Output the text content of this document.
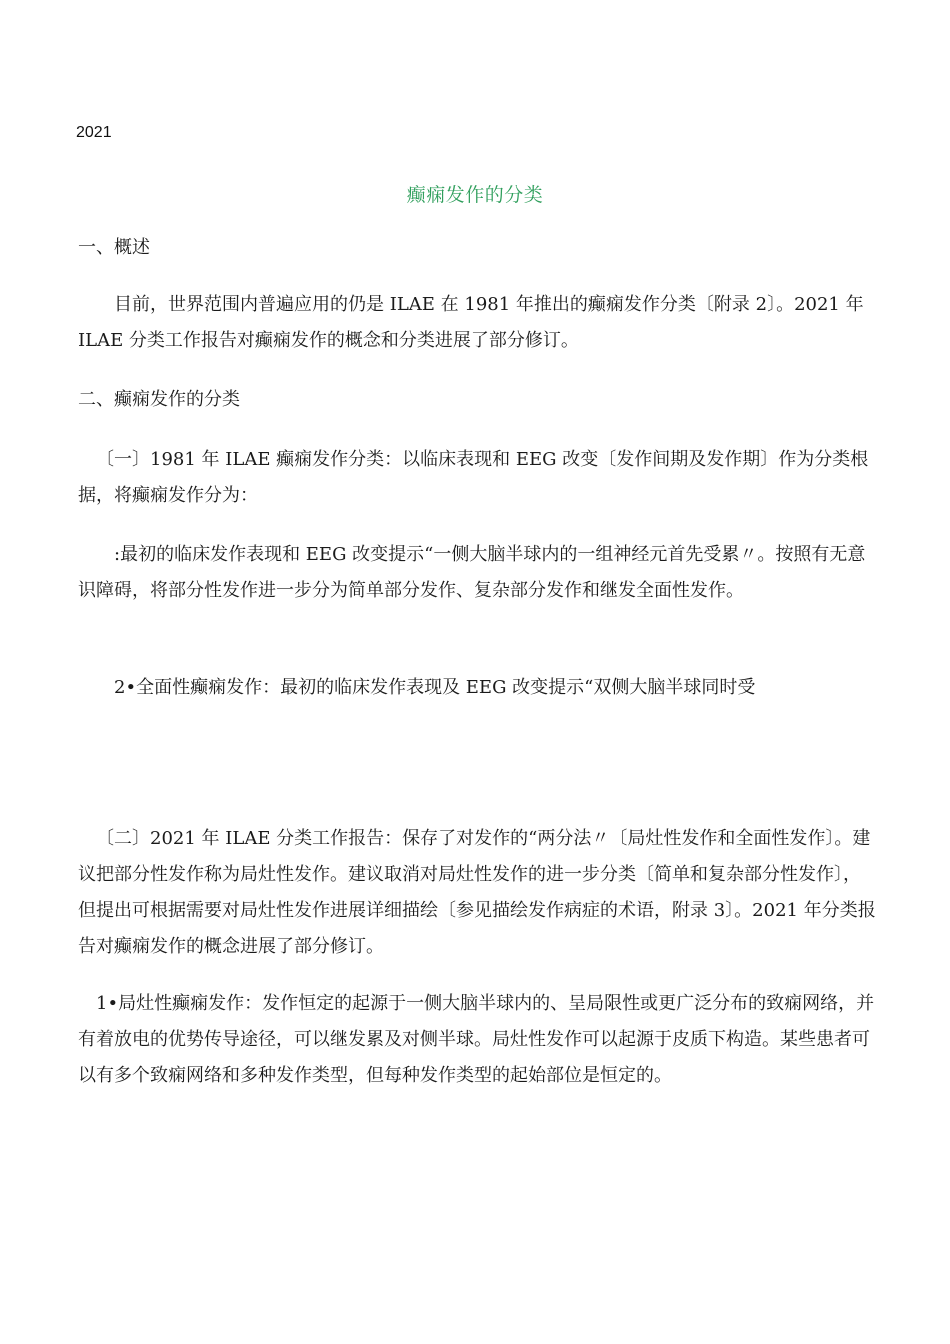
2021
癫痫发作的分类

一、概述

目前，世界范围内普遍应用的仍是 ILAE 在 1981 年推出的癫痫发作分类〔附录 2〕。2021 年 ILAE 分类工作报告对癫痫发作的概念和分类进展了部分修订。

二、癫痫发作的分类

〔一〕1981 年 ILAE 癫痫发作分类：以临床表现和 EEG 改变〔发作间期及发作期〕作为分类根据，将癫痫发作分为：

:最初的临床发作表现和 EEG 改变提示“一侧大脑半球内的一组神经元首先受累〃。按照有无意识障碍，将部分性发作进一步分为简单部分发作、复杂部分发作和继发全面性发作。

2•全面性癫痫发作：最初的临床发作表现及 EEG 改变提示“双侧大脑半球同时受

〔二〕2021 年 ILAE 分类工作报告：保存了对发作的“两分法〃〔局灶性发作和全面性发作〕。建议把部分性发作称为局灶性发作。建议取消对局灶性发作的进一步分类〔简单和复杂部分性发作〕，但提出可根据需要对局灶性发作进展详细描绘〔参见描绘发作病症的术语，附录 3〕。2021 年分类报告对癫痫发作的概念进展了部分修订。

1•局灶性癫痫发作：发作恒定的起源于一侧大脑半球内的、呈局限性或更广泛分布的致痫网络，并有着放电的优势传导途径，可以继发累及对侧半球。局灶性发作可以起源于皮质下构造。某些患者可以有多个致痫网络和多种发作类型，但每种发作类型的起始部位是恒定的。
